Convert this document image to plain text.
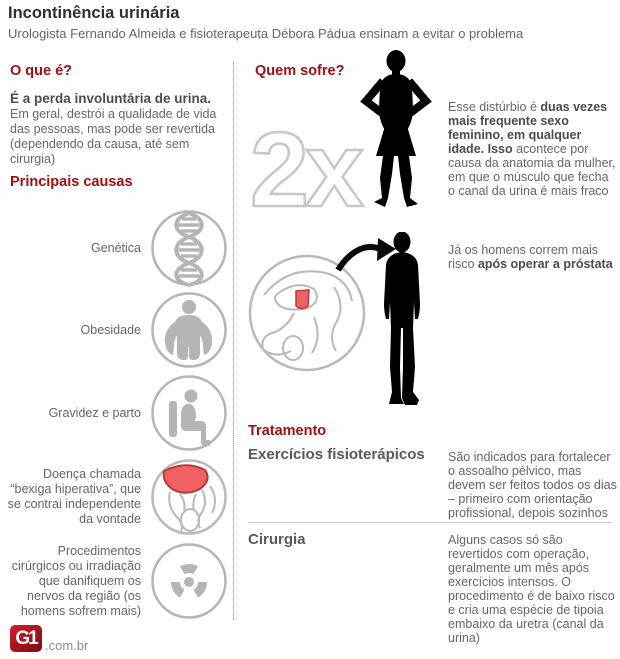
Incontinência urinária
Urologista Fernando Almeida e fisioterapeuta Débora Pádua ensinam a evitar o problema
O que é?
É a perda involuntária de urina. Em geral, destrói a qualidade de vida das pessoas, mas pode ser revertida (dependendo da causa, até sem cirurgia)
Principais causas
Genética
Obesidade
Gravidez e parto
Doença chamada “bexiga hiperativa”, que se contrai independente da vontade
Procedimentos cirúrgicos ou irradiação que danifiquem os nervos da região (os homens sofrem mais)
Quem sofre?
2x
Esse distúrbio é duas vezes mais frequente sexo feminino, em qualquer idade. Isso acontece por causa da anatomia da mulher, em que o músculo que fecha o canal da urina é mais fraco
Já os homens correm mais risco após operar a próstata
Tratamento
Exercícios fisioterápicos São indicados para fortalecer o assoalho pélvico, mas devem ser feitos todos os dias – primeiro com orientação profissional, depois sozinhos
Cirurgia	Alguns casos só são revertidos com operação, geralmente um mês após exercícios intensos. O procedimento é de baixo risco e cria uma espécie de tipoia embaixo da uretra (canal da urina)
G1 .com.br
